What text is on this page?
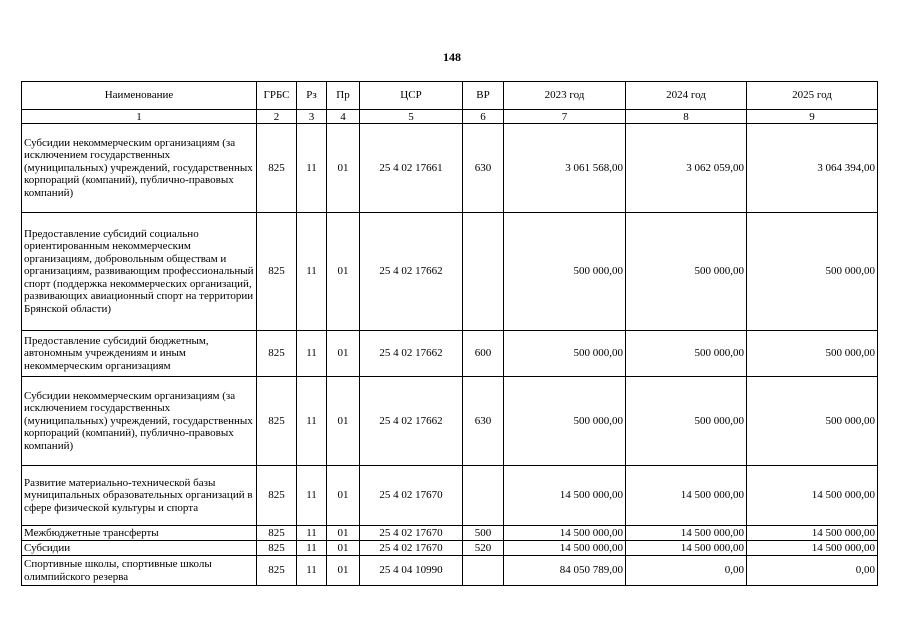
148
Наименование	ГРБС	Рз	Пр	ЦСР	ВР	2023 год	2024 год	2025 год
1	2	3	4	5	6	7	8	9
Субсидии некоммерческим организациям (за исключением государственных (муниципальных) учреждений, государственных корпораций (компаний), публично-правовых компаний)	825	11	01	25 4 02 17661	630	3 061 568,00	3 062 059,00	3 064 394,00
Предоставление субсидий социально ориентированным некоммерческим организациям, добровольным обществам и организациям, развивающим профессиональный спорт (поддержка некоммерческих организаций, развивающих авиационный спорт на территории Брянской области)	825	11	01	25 4 02 17662		500 000,00	500 000,00	500 000,00
Предоставление субсидий бюджетным, автономным учреждениям и иным некоммерческим организациям	825	11	01	25 4 02 17662	600	500 000,00	500 000,00	500 000,00
Субсидии некоммерческим организациям (за исключением государственных (муниципальных) учреждений, государственных корпораций (компаний), публично-правовых компаний)	825	11	01	25 4 02 17662	630	500 000,00	500 000,00	500 000,00
Развитие материально-технической базы муниципальных образовательных организаций в сфере физической культуры и спорта	825	11	01	25 4 02 17670		14 500 000,00	14 500 000,00	14 500 000,00
Межбюджетные трансферты	825	11	01	25 4 02 17670	500	14 500 000,00	14 500 000,00	14 500 000,00
Субсидии	825	11	01	25 4 02 17670	520	14 500 000,00	14 500 000,00	14 500 000,00
Спортивные школы, спортивные школы олимпийского резерва	825	11	01	25 4 04 10990		84 050 789,00	0,00	0,00
